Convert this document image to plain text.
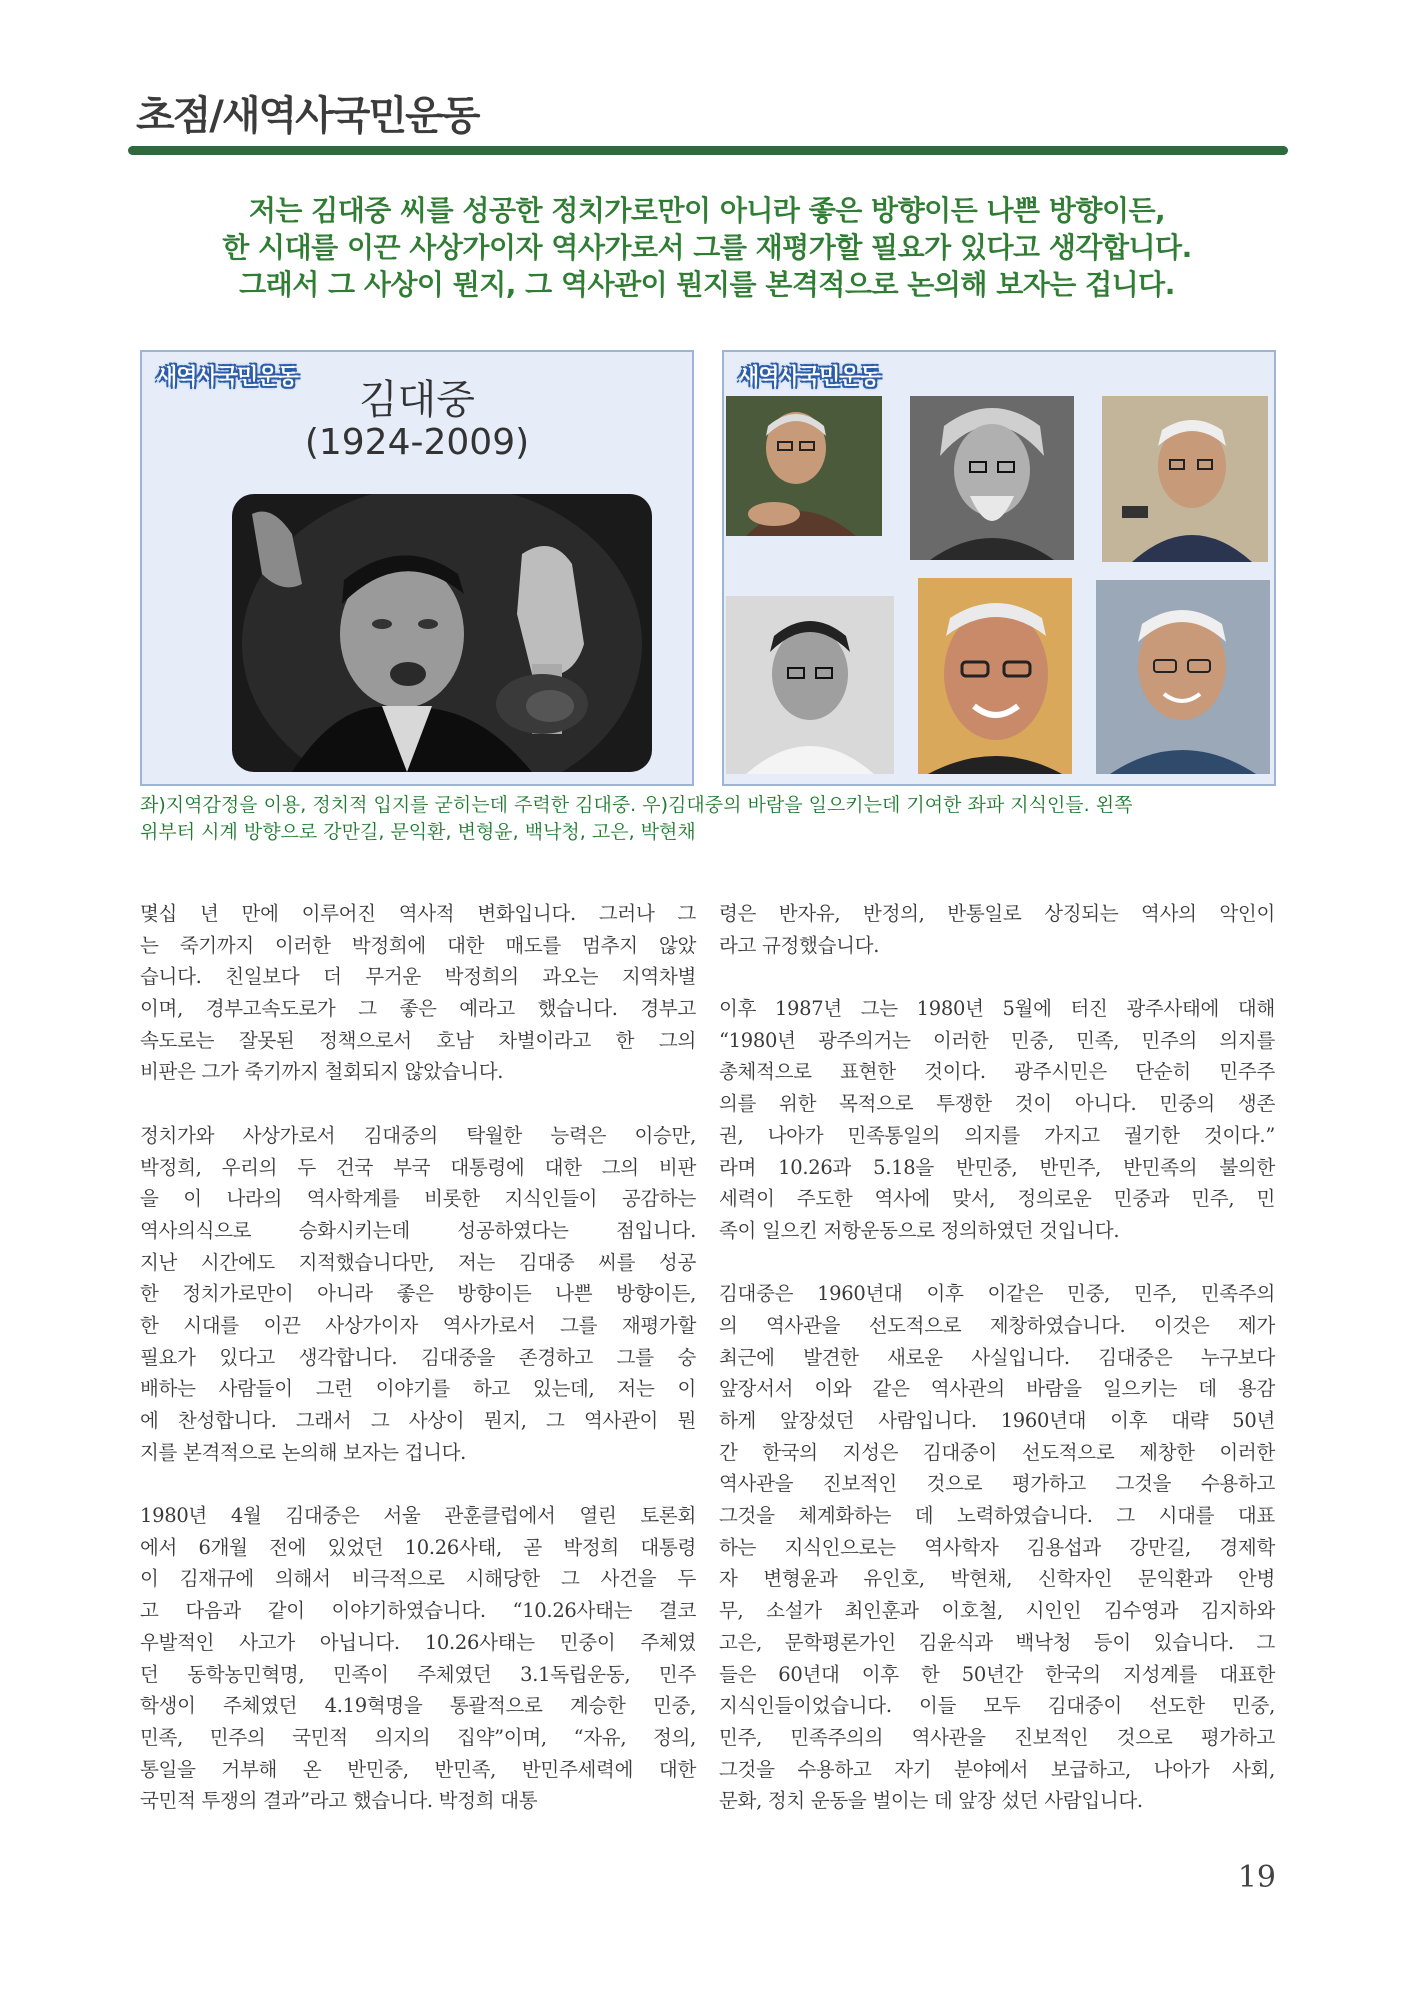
초점/새역사국민운동
저는 김대중 씨를 성공한 정치가로만이 아니라 좋은 방향이든 나쁜 방향이든,
한 시대를 이끈 사상가이자 역사가로서 그를 재평가할 필요가 있다고 생각합니다.
그래서 그 사상이 뭔지, 그 역사관이 뭔지를 본격적으로 논의해 보자는 겁니다.
새역사국민운동	김대중
(1924-2009)
새역사국민운동
좌)지역감정을 이용, 정치적 입지를 굳히는데 주력한 김대중. 우)김대중의 바람을 일으키는데 기여한 좌파 지식인들. 왼쪽
위부터 시계 방향으로 강만길, 문익환, 변형윤, 백낙청, 고은, 박현채
몇십 년 만에 이루어진 역사적 변화입니다. 그러나 그
는 죽기까지 이러한 박정희에 대한 매도를 멈추지 않았
습니다. 친일보다 더 무거운 박정희의 과오는 지역차별
이며, 경부고속도로가 그 좋은 예라고 했습니다. 경부고
속도로는 잘못된 정책으로서 호남 차별이라고 한 그의
비판은 그가 죽기까지 철회되지 않았습니다.
정치가와 사상가로서 김대중의 탁월한 능력은 이승만,
박정희, 우리의 두 건국 부국 대통령에 대한 그의 비판
을 이 나라의 역사학계를 비롯한 지식인들이 공감하는
역사의식으로 승화시키는데 성공하였다는 점입니다.
지난 시간에도 지적했습니다만, 저는 김대중 씨를 성공
한 정치가로만이 아니라 좋은 방향이든 나쁜 방향이든,
한 시대를 이끈 사상가이자 역사가로서 그를 재평가할
필요가 있다고 생각합니다. 김대중을 존경하고 그를 숭
배하는 사람들이 그런 이야기를 하고 있는데, 저는 이
에 찬성합니다. 그래서 그 사상이 뭔지, 그 역사관이 뭔
지를 본격적으로 논의해 보자는 겁니다.
1980년 4월 김대중은 서울 관훈클럽에서 열린 토론회
에서 6개월 전에 있었던 10.26사태, 곧 박정희 대통령
이 김재규에 의해서 비극적으로 시해당한 그 사건을 두
고 다음과 같이 이야기하였습니다. “10.26사태는 결코
우발적인 사고가 아닙니다. 10.26사태는 민중이 주체였
던 동학농민혁명, 민족이 주체였던 3.1독립운동, 민주
학생이 주체였던 4.19혁명을 통괄적으로 계승한 민중,
민족, 민주의 국민적 의지의 집약”이며, “자유, 정의,
통일을 거부해 온 반민중, 반민족, 반민주세력에 대한
국민적 투쟁의 결과”라고 했습니다. 박정희 대통
령은 반자유, 반정의, 반통일로 상징되는 역사의 악인이
라고 규정했습니다.
이후 1987년 그는 1980년 5월에 터진 광주사태에 대해
“1980년 광주의거는 이러한 민중, 민족, 민주의 의지를
총체적으로 표현한 것이다. 광주시민은 단순히 민주주
의를 위한 목적으로 투쟁한 것이 아니다. 민중의 생존
권, 나아가 민족통일의 의지를 가지고 궐기한 것이다.”
라며 10.26과 5.18을 반민중, 반민주, 반민족의 불의한
세력이 주도한 역사에 맞서, 정의로운 민중과 민주, 민
족이 일으킨 저항운동으로 정의하였던 것입니다.
김대중은 1960년대 이후 이같은 민중, 민주, 민족주의
의 역사관을 선도적으로 제창하였습니다. 이것은 제가
최근에 발견한 새로운 사실입니다. 김대중은 누구보다
앞장서서 이와 같은 역사관의 바람을 일으키는 데 용감
하게 앞장섰던 사람입니다. 1960년대 이후 대략 50년
간 한국의 지성은 김대중이 선도적으로 제창한 이러한
역사관을 진보적인 것으로 평가하고 그것을 수용하고
그것을 체계화하는 데 노력하였습니다. 그 시대를 대표
하는 지식인으로는 역사학자 김용섭과 강만길, 경제학
자 변형윤과 유인호, 박현채, 신학자인 문익환과 안병
무, 소설가 최인훈과 이호철, 시인인 김수영과 김지하와
고은, 문학평론가인 김윤식과 백낙청 등이 있습니다. 그
들은 60년대 이후 한 50년간 한국의 지성계를 대표한
지식인들이었습니다. 이들 모두 김대중이 선도한 민중,
민주, 민족주의의 역사관을 진보적인 것으로 평가하고
그것을 수용하고 자기 분야에서 보급하고, 나아가 사회,
문화, 정치 운동을 벌이는 데 앞장 섰던 사람입니다.
19
